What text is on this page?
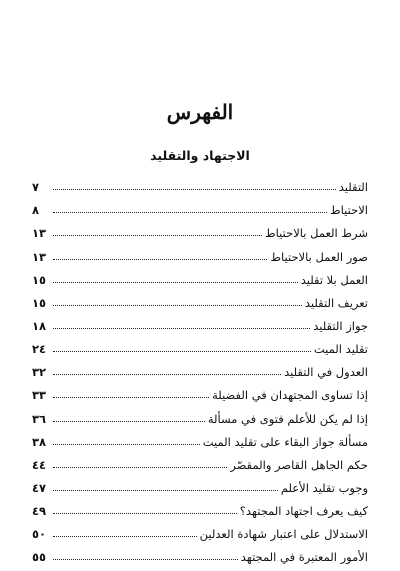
الفهرس
الاجتهاد والتقليد
التقليد
٧
الاحتياط
٨
شرط العمل بالاحتياط
١٣
صور العمل بالاحتياط
١٣
العمل بلا تقليد
١٥
تعريف التقليد
١٥
جواز التقليد
١٨
تقليد الميت
٢٤
العدول في التقليد
٣٢
إذا تساوى المجتهدان في الفضيلة
٣٣
إذا لم يكن للأعلم فتوى في مسألة
٣٦
مسألة جواز البقاء على تقليد الميت
٣٨
حكم الجاهل القاصر والمقصّر
٤٤
وجوب تقليد الأعلم
٤٧
كيف يعرف اجتهاد المجتهد؟
٤٩
الاستدلال على اعتبار شهادة العدلين
٥٠
الأمور المعتبرة في المجتهد
٥٥
